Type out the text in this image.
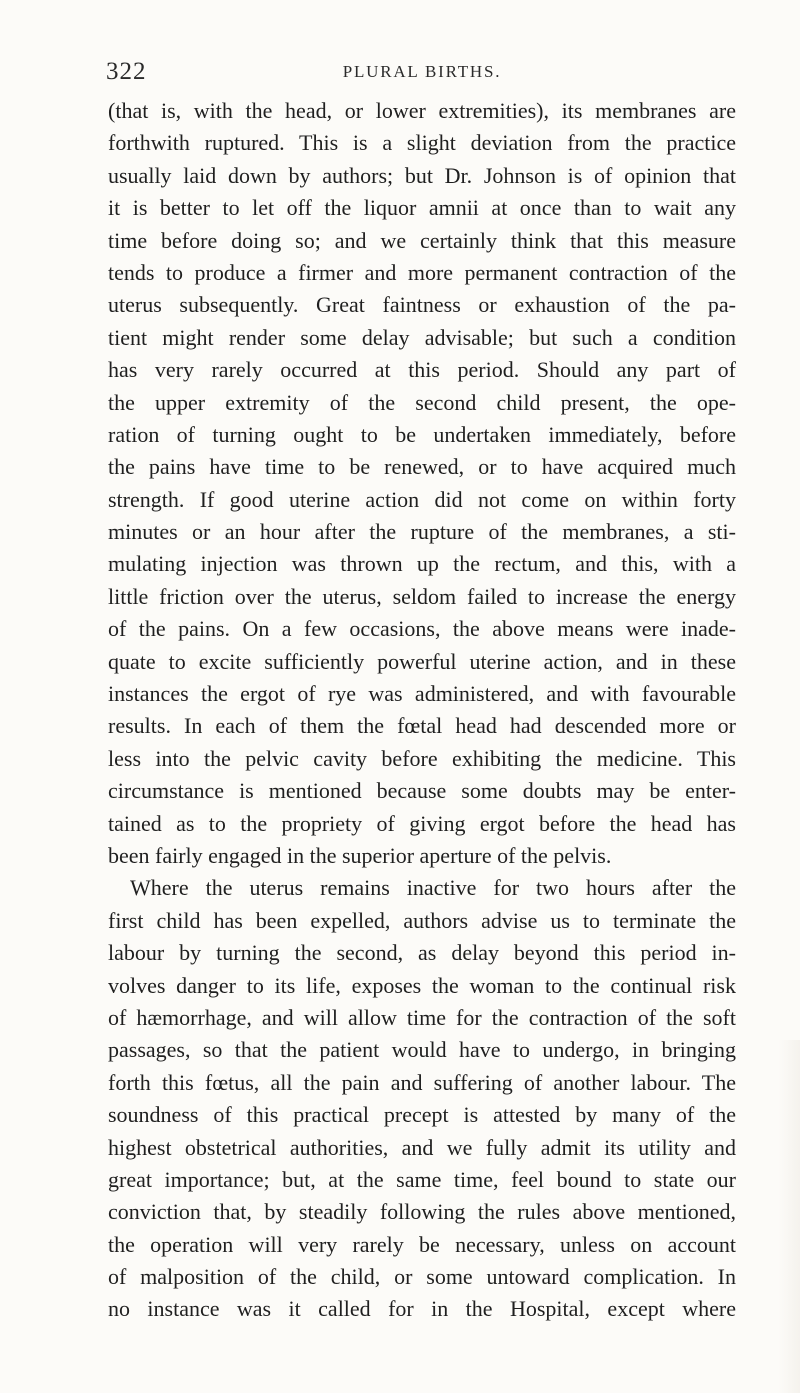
322	PLURAL BIRTHS.
(that is, with the head, or lower extremities), its membranes are
forthwith ruptured. This is a slight deviation from the practice
usually laid down by authors; but Dr. Johnson is of opinion that
it is better to let off the liquor amnii at once than to wait any
time before doing so; and we certainly think that this measure
tends to produce a firmer and more permanent contraction of the
uterus subsequently. Great faintness or exhaustion of the pa-
tient might render some delay advisable; but such a condition
has very rarely occurred at this period. Should any part of
the upper extremity of the second child present, the ope-
ration of turning ought to be undertaken immediately, before
the pains have time to be renewed, or to have acquired much
strength. If good uterine action did not come on within forty
minutes or an hour after the rupture of the membranes, a sti-
mulating injection was thrown up the rectum, and this, with a
little friction over the uterus, seldom failed to increase the energy
of the pains. On a few occasions, the above means were inade-
quate to excite sufficiently powerful uterine action, and in these
instances the ergot of rye was administered, and with favourable
results. In each of them the fœtal head had descended more or
less into the pelvic cavity before exhibiting the medicine. This
circumstance is mentioned because some doubts may be enter-
tained as to the propriety of giving ergot before the head has
been fairly engaged in the superior aperture of the pelvis.
Where the uterus remains inactive for two hours after the
first child has been expelled, authors advise us to terminate the
labour by turning the second, as delay beyond this period in-
volves danger to its life, exposes the woman to the continual risk
of hæmorrhage, and will allow time for the contraction of the soft
passages, so that the patient would have to undergo, in bringing
forth this fœtus, all the pain and suffering of another labour. The
soundness of this practical precept is attested by many of the
highest obstetrical authorities, and we fully admit its utility and
great importance; but, at the same time, feel bound to state our
conviction that, by steadily following the rules above mentioned,
the operation will very rarely be necessary, unless on account
of malposition of the child, or some untoward complication. In
no instance was it called for in the Hospital, except where
